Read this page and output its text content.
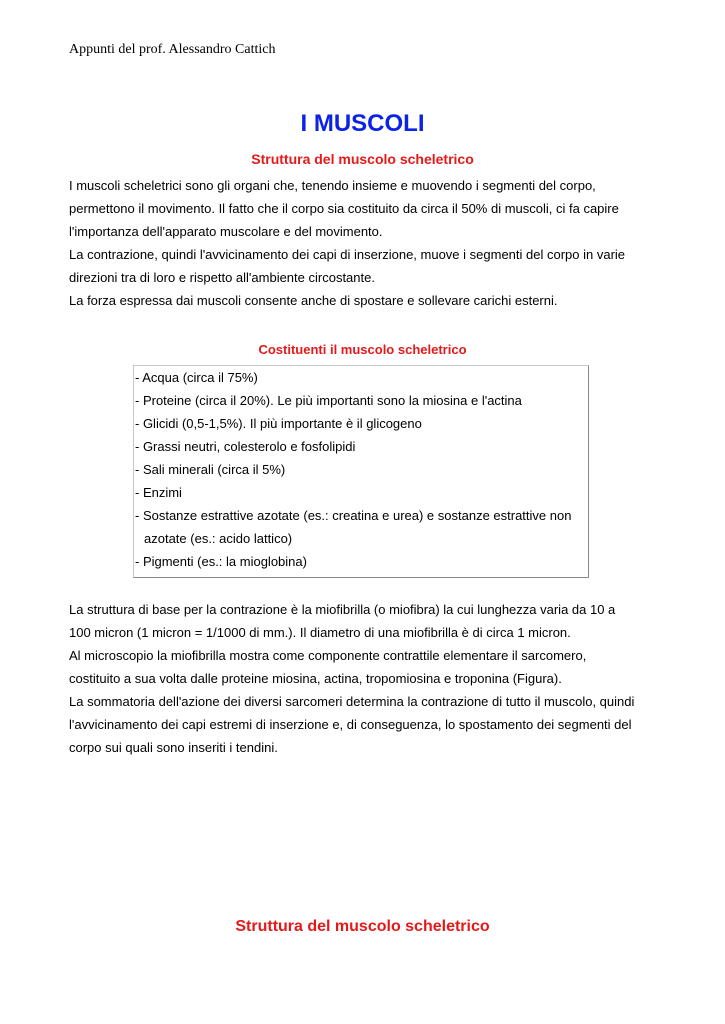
Appunti del prof. Alessandro Cattich
I MUSCOLI
Struttura del muscolo scheletrico
I muscoli scheletrici sono gli organi che, tenendo insieme e muovendo i segmenti del corpo,
permettono il movimento. Il fatto che il corpo sia costituito da circa il 50% di muscoli, ci fa capire
l'importanza dell'apparato muscolare e del movimento.
La contrazione, quindi l'avvicinamento dei capi di inserzione, muove i segmenti del corpo in varie
direzioni tra di loro e rispetto all'ambiente circostante.
La forza espressa dai muscoli consente anche di spostare e sollevare carichi esterni.
Costituenti il muscolo scheletrico
- Acqua (circa il 75%)
- Proteine (circa il 20%). Le più importanti sono la miosina e l'actina
- Glicidi (0,5-1,5%). Il più importante è il glicogeno
- Grassi neutri, colesterolo e fosfolipidi
- Sali minerali (circa il 5%)
- Enzimi
- Sostanze estrattive azotate (es.: creatina e urea) e sostanze estrattive non
azotate (es.: acido lattico)
- Pigmenti (es.: la mioglobina)
La struttura di base per la contrazione è la miofibrilla (o miofibra) la cui lunghezza varia da 10 a
100 micron (1 micron = 1/1000 di mm.). Il diametro di una miofibrilla è di circa 1 micron.
Al microscopio la miofibrilla mostra come componente contrattile elementare il sarcomero,
costituito a sua volta dalle proteine miosina, actina, tropomiosina e troponina (Figura).
La sommatoria dell'azione dei diversi sarcomeri determina la contrazione di tutto il muscolo, quindi
l'avvicinamento dei capi estremi di inserzione e, di conseguenza, lo spostamento dei segmenti del
corpo sui quali sono inseriti i tendini.
Struttura del muscolo scheletrico
